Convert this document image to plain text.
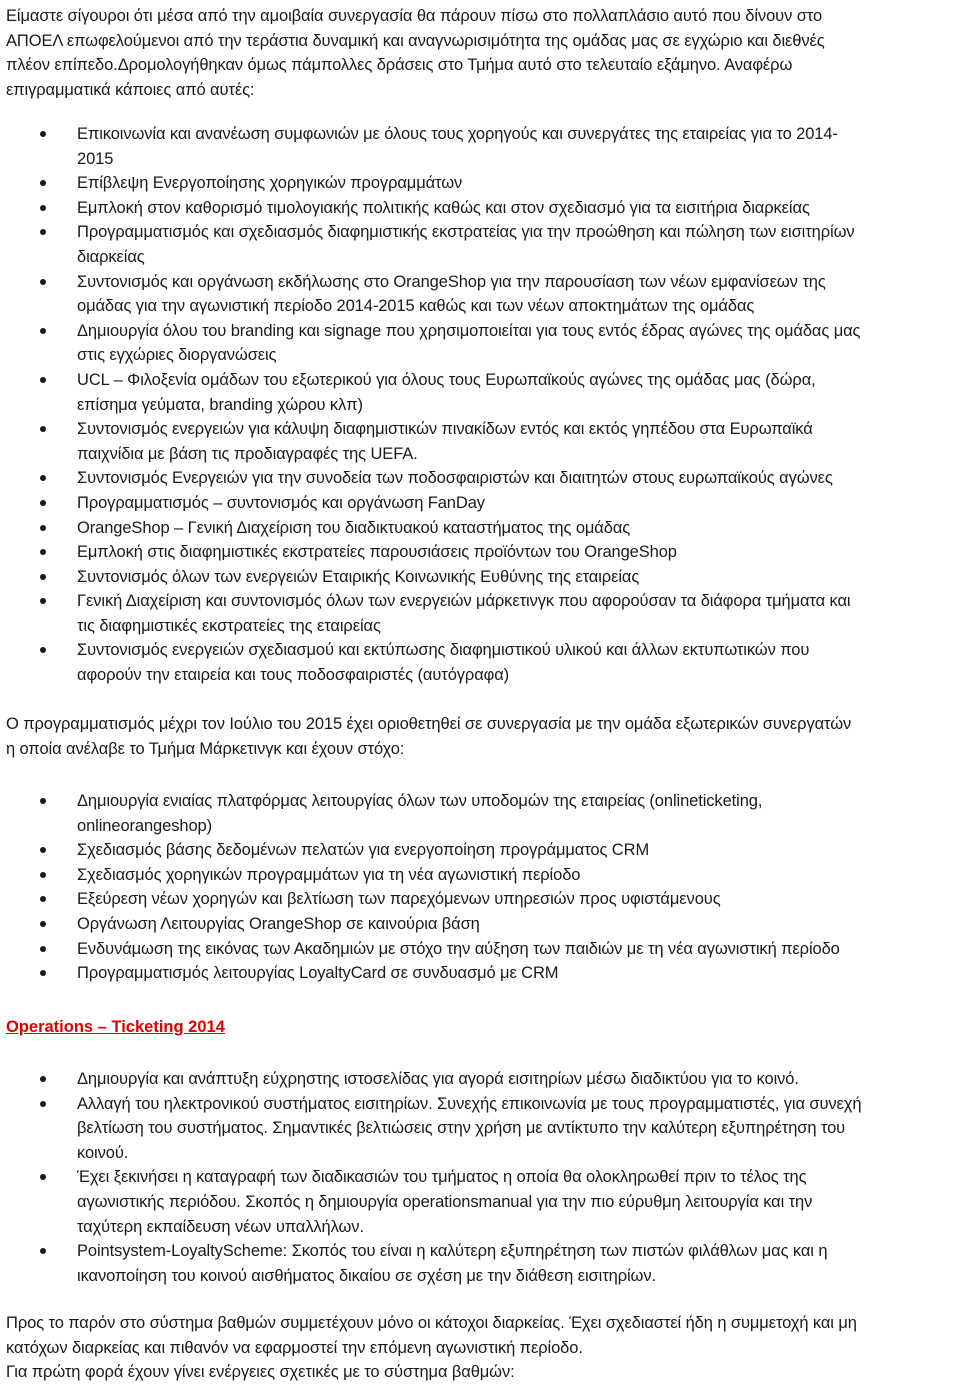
Είμαστε σίγουροι ότι μέσα από την αμοιβαία συνεργασία θα πάρουν πίσω στο πολλαπλάσιο αυτό που δίνουν στο
ΑΠΟΕΛ επωφελούμενοι από την τεράστια δυναμική και αναγνωρισιμότητα της ομάδας μας σε εγχώριο και διεθνές
πλέον επίπεδο.Δρομολογήθηκαν όμως πάμπολλες δράσεις στο Τμήμα αυτό στο τελευταίο εξάμηνο. Αναφέρω
επιγραμματικά κάποιες από αυτές:

Επικοινωνία και ανανέωση συμφωνιών με όλους τους χορηγούς και συνεργάτες της εταιρείας για το 2014-
2015
Επίβλεψη Ενεργοποίησης χορηγικών προγραμμάτων
Εμπλοκή στον καθορισμό τιμολογιακής πολιτικής καθώς και στον σχεδιασμό για τα εισιτήρια διαρκείας
Προγραμματισμός και σχεδιασμός διαφημιστικής εκστρατείας για την προώθηση και πώληση των εισιτηρίων
διαρκείας
Συντονισμός και οργάνωση εκδήλωσης στο OrangeShop για την παρουσίαση των νέων εμφανίσεων της
ομάδας για την αγωνιστική περίοδο 2014-2015 καθώς και των νέων αποκτημάτων της ομάδας
Δημιουργία όλου του branding και signage που χρησιμοποιείται για τους εντός έδρας αγώνες της ομάδας μας
στις εγχώριες διοργανώσεις
UCL – Φιλοξενία ομάδων του εξωτερικού για όλους τους Ευρωπαϊκούς αγώνες της ομάδας μας (δώρα,
επίσημα γεύματα, branding χώρου κλπ)
Συντονισμός ενεργειών για κάλυψη διαφημιστικών πινακίδων εντός και εκτός γηπέδου στα Ευρωπαϊκά
παιχνίδια με βάση τις προδιαγραφές της UEFA.
Συντονισμός Ενεργειών για την συνοδεία των ποδοσφαιριστών και διαιτητών στους ευρωπαϊκούς αγώνες
Προγραμματισμός – συντονισμός και οργάνωση FanDay
OrangeShop – Γενική Διαχείριση του διαδικτυακού καταστήματος της ομάδας
Εμπλοκή στις διαφημιστικές εκστρατείες παρουσιάσεις προϊόντων του OrangeShop
Συντονισμός όλων των ενεργειών Εταιρικής Κοινωνικής Ευθύνης της εταιρείας
Γενική Διαχείριση και συντονισμός όλων των ενεργειών μάρκετινγκ που αφορούσαν τα διάφορα τμήματα και
τις διαφημιστικές εκστρατείες της εταιρείας
Συντονισμός ενεργειών σχεδιασμού και εκτύπωσης διαφημιστικού υλικού και άλλων εκτυπωτικών που
αφορούν την εταιρεία και τους ποδοσφαιριστές (αυτόγραφα)

Ο προγραμματισμός μέχρι τον Ιούλιο του 2015 έχει οριοθετηθεί σε συνεργασία με την ομάδα εξωτερικών συνεργατών
η οποία ανέλαβε το Τμήμα Μάρκετινγκ και έχουν στόχο:

Δημιουργία ενιαίας πλατφόρμας λειτουργίας όλων των υποδομών της εταιρείας (onlineticketing,
onlineorangeshop)
Σχεδιασμός βάσης δεδομένων πελατών για ενεργοποίηση προγράμματος CRM
Σχεδιασμός χορηγικών προγραμμάτων για τη νέα αγωνιστική περίοδο
Εξεύρεση νέων χορηγών και βελτίωση των παρεχόμενων υπηρεσιών προς υφιστάμενους
Οργάνωση Λειτουργίας OrangeShop σε καινούρια βάση
Ενδυνάμωση της εικόνας των Ακαδημιών με στόχο την αύξηση των παιδιών με τη νέα αγωνιστική περίοδο
Προγραμματισμός λειτουργίας LoyaltyCard σε συνδυασμό με CRM

Operations – Ticketing 2014

Δημιουργία και ανάπτυξη εύχρηστης ιστοσελίδας για αγορά εισιτηρίων μέσω διαδικτύου για το κοινό.
Αλλαγή του ηλεκτρονικού συστήματος εισιτηρίων. Συνεχής επικοινωνία με τους προγραμματιστές, για συνεχή
βελτίωση του συστήματος. Σημαντικές βελτιώσεις στην χρήση με αντίκτυπο την καλύτερη εξυπηρέτηση του
κοινού.
Έχει ξεκινήσει η καταγραφή των διαδικασιών του τμήματος η οποία θα ολοκληρωθεί πριν το τέλος της
αγωνιστικής περιόδου. Σκοπός η δημιουργία operationsmanual για την πιο εύρυθμη λειτουργία και την
ταχύτερη εκπαίδευση νέων υπαλλήλων.
Pointsystem-LoyaltyScheme: Σκοπός του είναι η καλύτερη εξυπηρέτηση των πιστών φιλάθλων μας και η
ικανοποίηση του κοινού αισθήματος δικαίου σε σχέση με την διάθεση εισιτηρίων.

Προς το παρόν στο σύστημα βαθμών συμμετέχουν μόνο οι κάτοχοι διαρκείας. Έχει σχεδιαστεί ήδη η συμμετοχή και μη
κατόχων διαρκείας και πιθανόν να εφαρμοστεί την επόμενη αγωνιστική περίοδο.
Για πρώτη φορά έχουν γίνει ενέργειες σχετικές με το σύστημα βαθμών:
